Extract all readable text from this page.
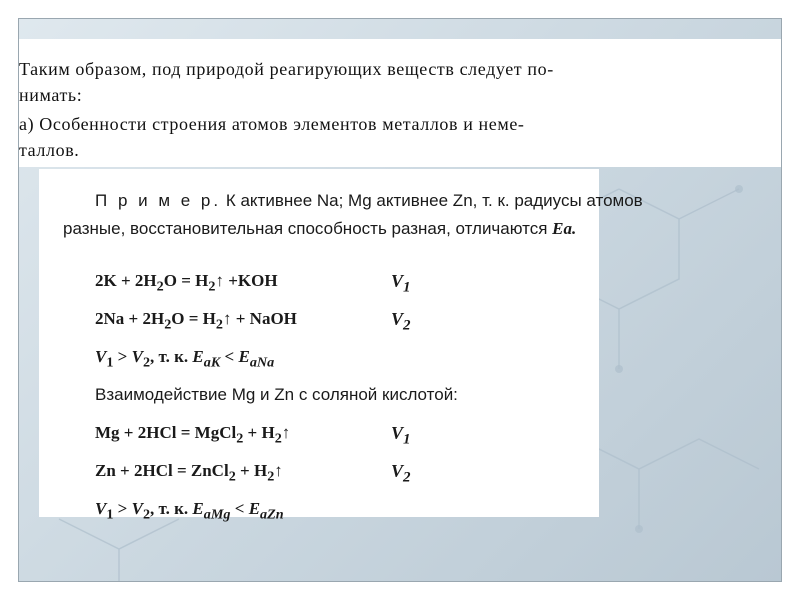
Таким образом, под природой реагирующих веществ следует по-
нимать:
а) Особенности строения атомов элементов металлов и неме-
таллов.
П р и м е р. К активнее Na; Mg активнее Zn, т. к. радиусы атомов
разные, восстановительная способность разная, отличаются Ea.
$2K + 2H_2O$ = $H_2↑ +KOH$	$V_1$
$2Na + 2H_2O$ = $H_2↑$ + NaOH	$V_2$
$V_1 > V_2$, т. к. $E_{aK} < E_{aNa}$
Взаимодействие Mg и Zn с соляной кислотой:
Mg + 2HCl = MgCl$_2$ + $H_2↑$	$V_1$
Zn + 2HCl = ZnCl$_2$ + $H_2↑$	$V_2$
$V_1 > V_2$, т. к. $E_{aMg} < E_{aZn}$
